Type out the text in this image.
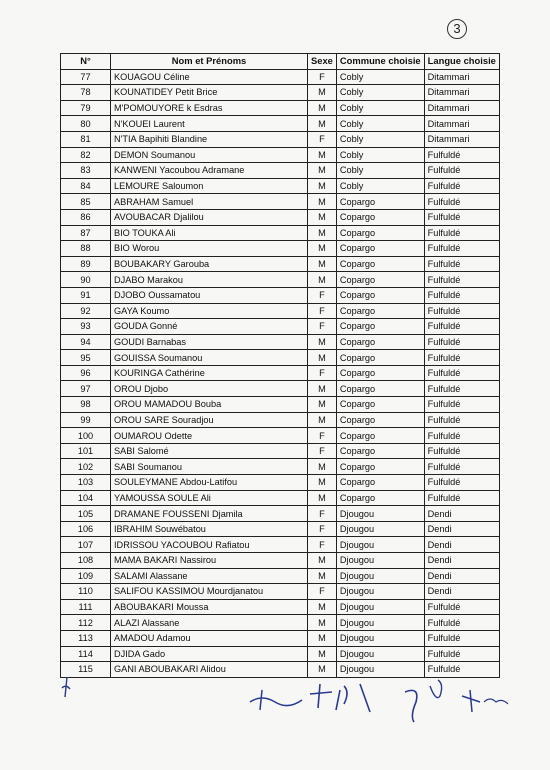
3
N°	Nom et Prénoms	Sexe	Commune choisie	Langue choisie
77	KOUAGOU Céline	F	Cobly	Ditammari
78	KOUNATIDEY Petit Brice	M	Cobly	Ditammari
79	M'POMOUYORE k Esdras	M	Cobly	Ditammari
80	N'KOUEI Laurent	M	Cobly	Ditammari
81	N'TIA Bapihiti Blandine	F	Cobly	Ditammari
82	DEMON Soumanou	M	Cobly	Fulfuldé
83	KANWENI Yacoubou Adramane	M	Cobly	Fulfuldé
84	LEMOURE Saloumon	M	Cobly	Fulfuldé
85	ABRAHAM Samuel	M	Copargo	Fulfuldé
86	AVOUBACAR Djalilou	M	Copargo	Fulfuldé
87	BIO TOUKA Ali	M	Copargo	Fulfuldé
88	BIO Worou	M	Copargo	Fulfuldé
89	BOUBAKARY Garouba	M	Copargo	Fulfuldé
90	DJABO Marakou	M	Copargo	Fulfuldé
91	DJOBO Oussamatou	F	Copargo	Fulfuldé
92	GAYA Koumo	F	Copargo	Fulfuldé
93	GOUDA Gonné	F	Copargo	Fulfuldé
94	GOUDI Barnabas	M	Copargo	Fulfuldé
95	GOUISSA Soumanou	M	Copargo	Fulfuldé
96	KOURINGA Cathérine	F	Copargo	Fulfuldé
97	OROU Djobo	M	Copargo	Fulfuldé
98	OROU MAMADOU Bouba	M	Copargo	Fulfuldé
99	OROU SARE Souradjou	M	Copargo	Fulfuldé
100	OUMAROU Odette	F	Copargo	Fulfuldé
101	SABI Salomé	F	Copargo	Fulfuldé
102	SABI Soumanou	M	Copargo	Fulfuldé
103	SOULEYMANE Abdou-Latifou	M	Copargo	Fulfuldé
104	YAMOUSSA SOULE Ali	M	Copargo	Fulfuldé
105	DRAMANE FOUSSENI Djamila	F	Djougou	Dendi
106	IBRAHIM Souwébatou	F	Djougou	Dendi
107	IDRISSOU YACOUBOU Rafiatou	F	Djougou	Dendi
108	MAMA BAKARI Nassirou	M	Djougou	Dendi
109	SALAMI Alassane	M	Djougou	Dendi
110	SALIFOU KASSIMOU Mourdjanatou	F	Djougou	Dendi
111	ABOUBAKARI Moussa	M	Djougou	Fulfuldé
112	ALAZI Alassane	M	Djougou	Fulfuldé
113	AMADOU Adamou	M	Djougou	Fulfuldé
114	DJIDA Gado	M	Djougou	Fulfuldé
115	GANI ABOUBAKARI Alidou	M	Djougou	Fulfuldé
